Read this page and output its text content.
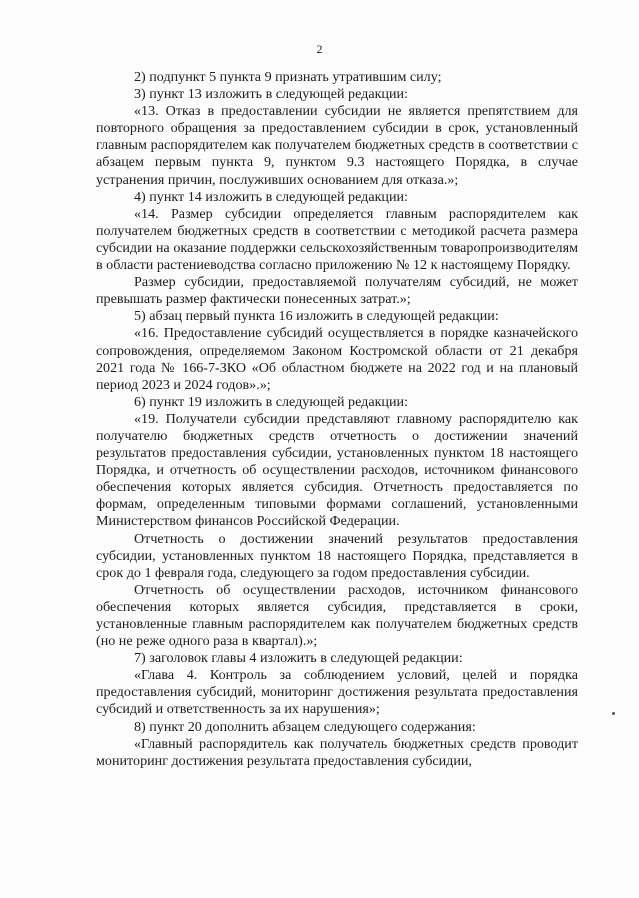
2

2) подпункт 5 пункта 9 признать утратившим силу;

3) пункт 13 изложить в следующей редакции:

«13. Отказ в предоставлении субсидии не является препятствием для повторного обращения за предоставлением субсидии в срок, установленный главным распорядителем как получателем бюджетных средств в соответствии с абзацем первым пункта 9, пунктом 9.3 настоящего Порядка, в случае устранения причин, послуживших основанием для отказа.»;

4) пункт 14 изложить в следующей редакции:

«14. Размер субсидии определяется главным распорядителем как получателем бюджетных средств в соответствии с методикой расчета размера субсидии на оказание поддержки сельскохозяйственным товаропроизводителям в области растениеводства согласно приложению № 12 к настоящему Порядку.

Размер субсидии, предоставляемой получателям субсидий, не может превышать размер фактически понесенных затрат.»;

5) абзац первый пункта 16 изложить в следующей редакции:

«16. Предоставление субсидий осуществляется в порядке казначейского сопровождения, определяемом Законом Костромской области от 21 декабря 2021 года № 166-7-ЗКО «Об областном бюджете на 2022 год и на плановый период 2023 и 2024 годов».»;

6) пункт 19 изложить в следующей редакции:

«19. Получатели субсидии представляют главному распорядителю как получателю бюджетных средств отчетность о достижении значений результатов предоставления субсидии, установленных пунктом 18 настоящего Порядка, и отчетность об осуществлении расходов, источником финансового обеспечения которых является субсидия. Отчетность предоставляется по формам, определенным типовыми формами соглашений, установленными Министерством финансов Российской Федерации.

Отчетность о достижении значений результатов предоставления субсидии, установленных пунктом 18 настоящего Порядка, представляется в срок до 1 февраля года, следующего за годом предоставления субсидии.

Отчетность об осуществлении расходов, источником финансового обеспечения которых является субсидия, представляется в сроки, установленные главным распорядителем как получателем бюджетных средств (но не реже одного раза в квартал).»;

7) заголовок главы 4 изложить в следующей редакции:

«Глава 4. Контроль за соблюдением условий, целей и порядка предоставления субсидий, мониторинг достижения результата предоставления субсидий и ответственность за их нарушения»;

8) пункт 20 дополнить абзацем следующего содержания:

«Главный распорядитель как получатель бюджетных средств проводит мониторинг достижения результата предоставления субсидии,
